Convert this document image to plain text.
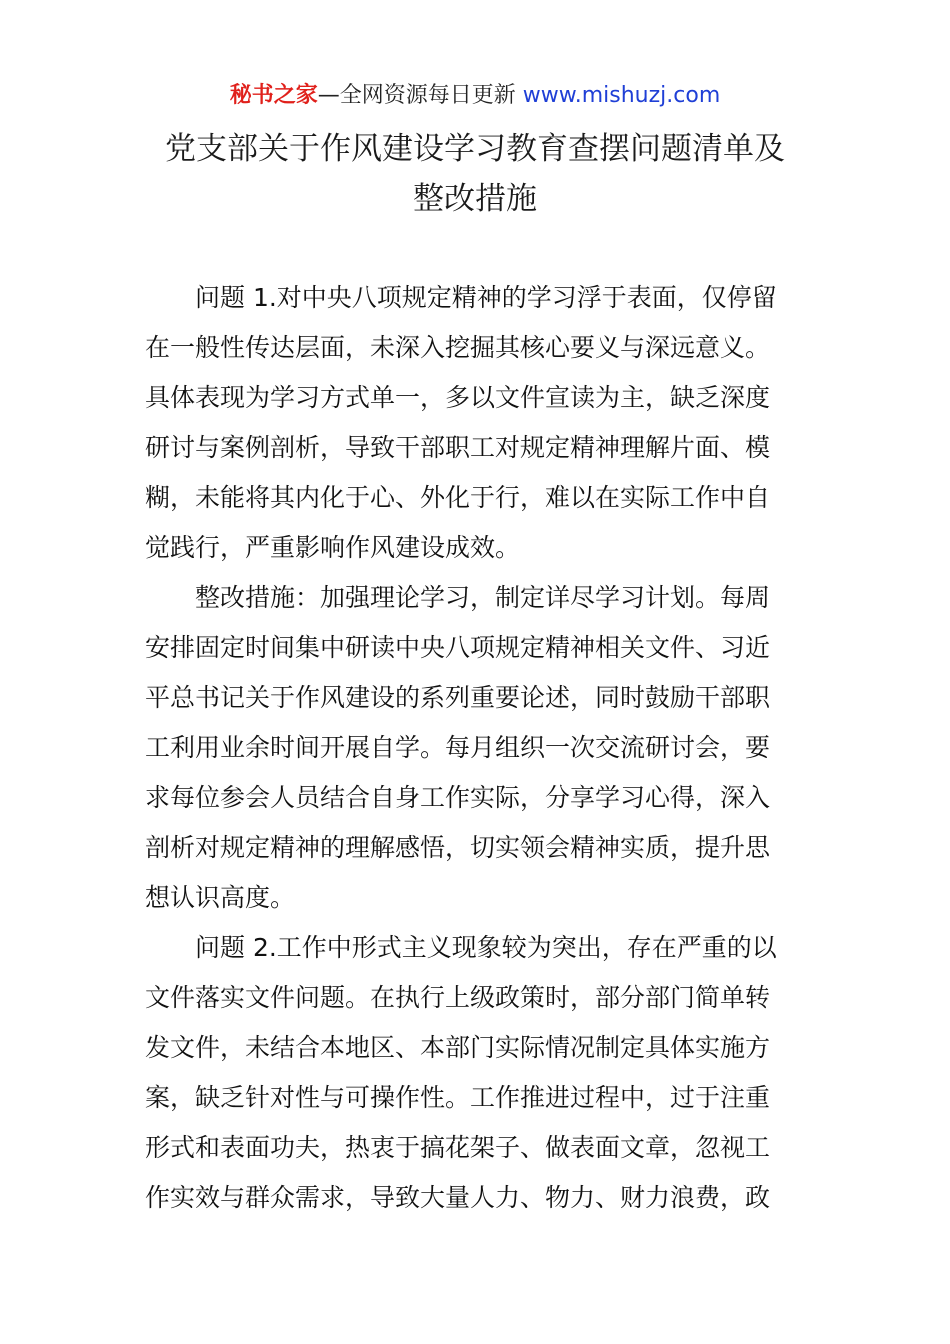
秘书之家—全网资源每日更新 www.mishuzj.com
党支部关于作风建设学习教育查摆问题清单及
整改措施

问题 1.对中央八项规定精神的学习浮于表面，仅停留
在一般性传达层面，未深入挖掘其核心要义与深远意义。
具体表现为学习方式单一，多以文件宣读为主，缺乏深度
研讨与案例剖析，导致干部职工对规定精神理解片面、模
糊，未能将其内化于心、外化于行，难以在实际工作中自
觉践行，严重影响作风建设成效。

整改措施：加强理论学习，制定详尽学习计划。每周
安排固定时间集中研读中央八项规定精神相关文件、习近
平总书记关于作风建设的系列重要论述，同时鼓励干部职
工利用业余时间开展自学。每月组织一次交流研讨会，要
求每位参会人员结合自身工作实际，分享学习心得，深入
剖析对规定精神的理解感悟，切实领会精神实质，提升思
想认识高度。

问题 2.工作中形式主义现象较为突出，存在严重的以
文件落实文件问题。在执行上级政策时，部分部门简单转
发文件，未结合本地区、本部门实际情况制定具体实施方
案，缺乏针对性与可操作性。工作推进过程中，过于注重
形式和表面功夫，热衷于搞花架子、做表面文章，忽视工
作实效与群众需求，导致大量人力、物力、财力浪费，政
